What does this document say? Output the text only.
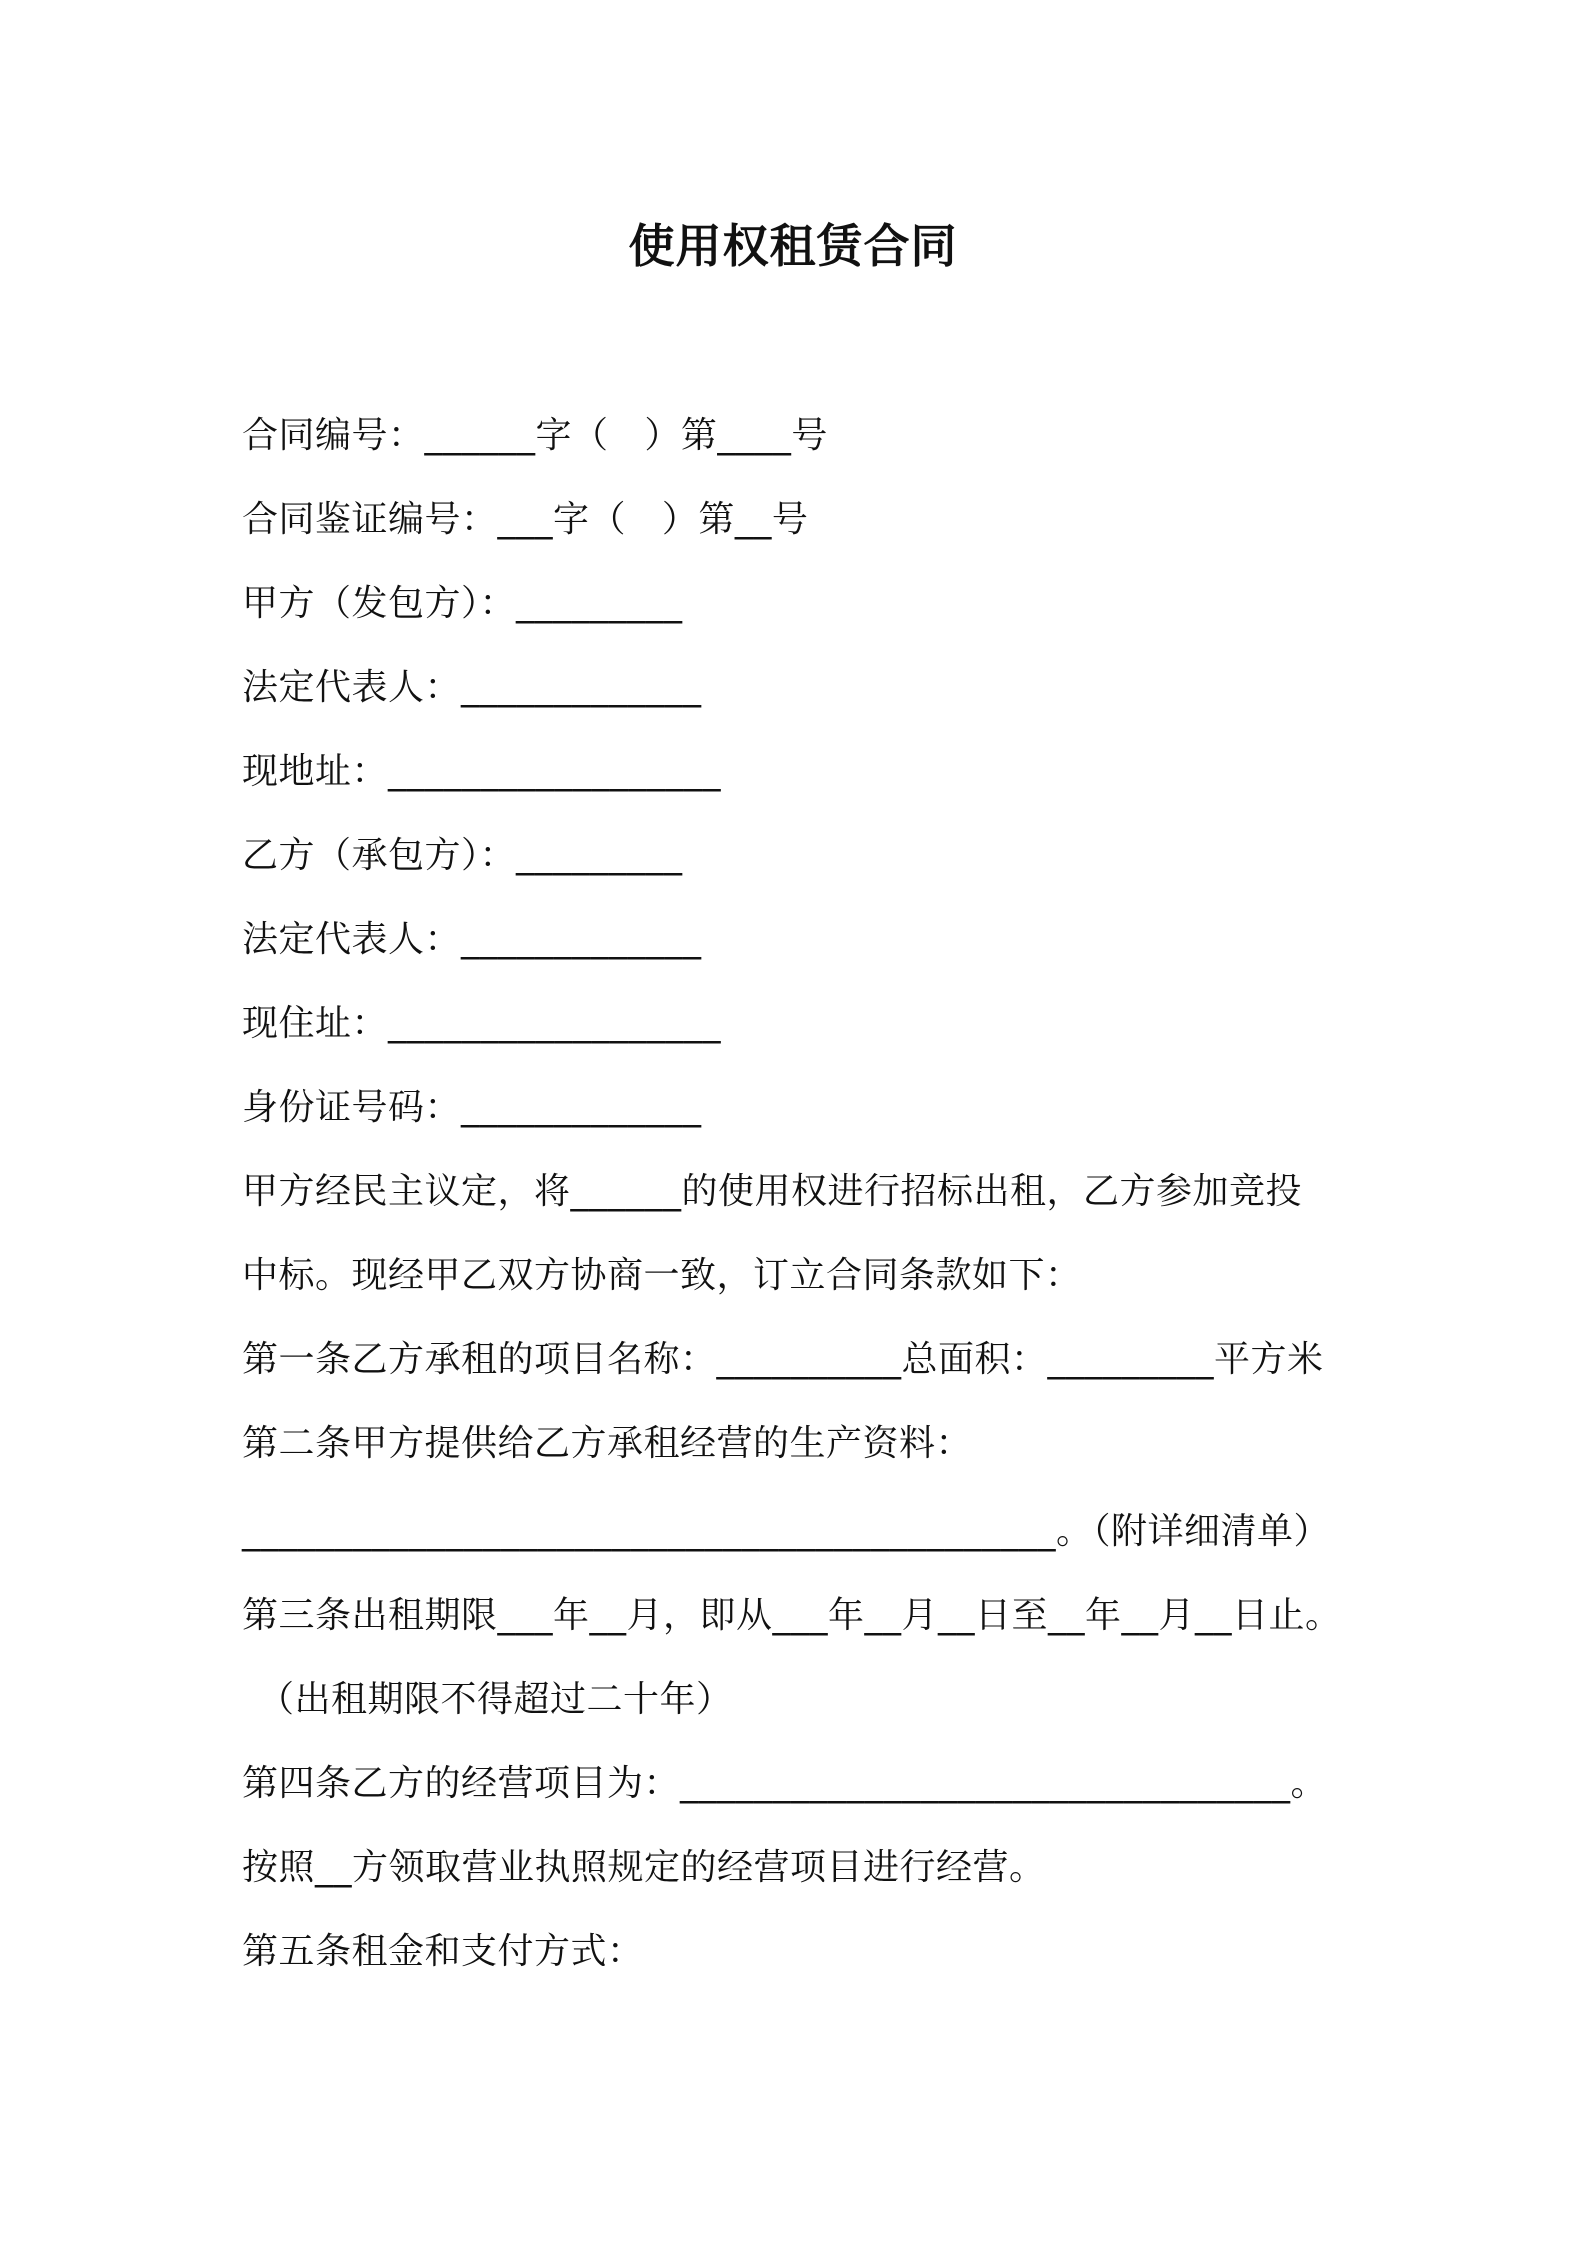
使用权租赁合同
合同编号：______字（   ）第____号
合同鉴证编号：___字（   ）第__号
甲方（发包方）：_________
法定代表人：_____________
现地址：__________________
乙方（承包方）：_________
法定代表人：_____________
现住址：__________________
身份证号码：_____________
甲方经民主议定，将______的使用权进行招标出租，乙方参加竞投
中标。现经甲乙双方协商一致，订立合同条款如下：
第一条乙方承租的项目名称：__________总面积：_________平方米
第二条甲方提供给乙方承租经营的生产资料：
____________________________________________。（附详细清单）
第三条出租期限___年__月，即从___年__月__日至__年__月__日止。
（出租期限不得超过二十年）
第四条乙方的经营项目为：_________________________________。
按照__方领取营业执照规定的经营项目进行经营。
第五条租金和支付方式：
